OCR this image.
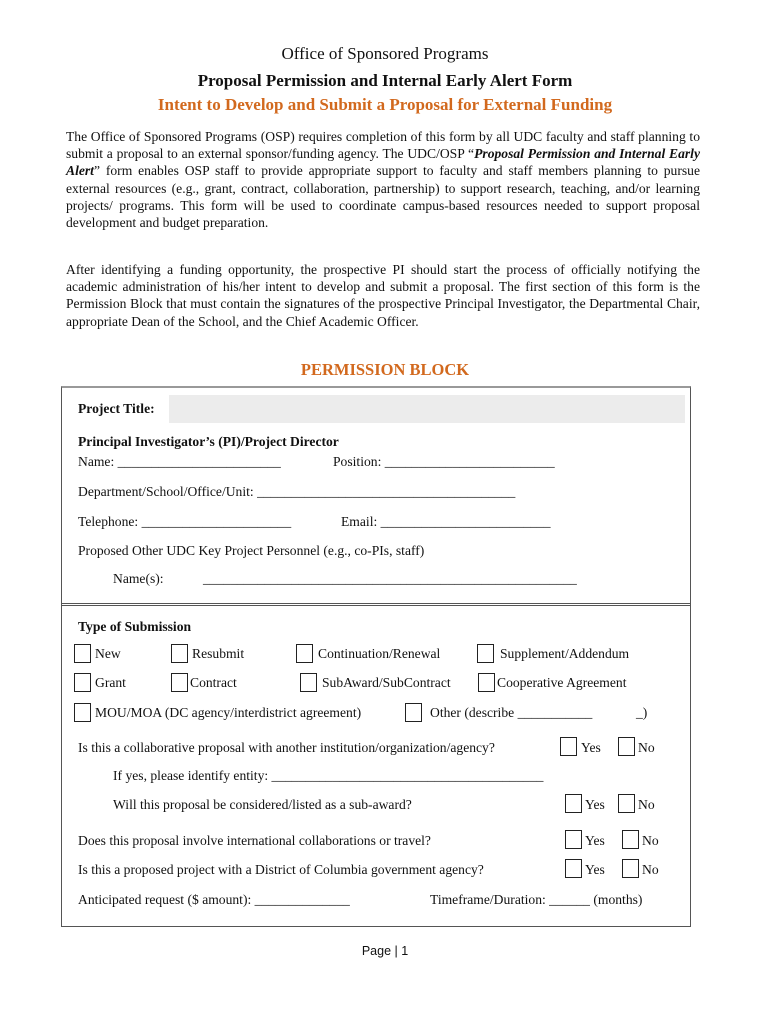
Office of Sponsored Programs
Proposal Permission and Internal Early Alert Form
Intent to Develop and Submit a Proposal for External Funding
The Office of Sponsored Programs (OSP) requires completion of this form by all UDC faculty and staff planning to submit a proposal to an external sponsor/funding agency. The UDC/OSP “Proposal Permission and Internal Early Alert” form enables OSP staff to provide appropriate support to faculty and staff members planning to pursue external resources (e.g., grant, contract, collaboration, partnership) to support research, teaching, and/or learning projects/ programs. This form will be used to coordinate campus-based resources needed to support proposal development and budget preparation.
After identifying a funding opportunity, the prospective PI should start the process of officially notifying the academic administration of his/her intent to develop and submit a proposal. The first section of this form is the Permission Block that must contain the signatures of the prospective Principal Investigator, the Departmental Chair, appropriate Dean of the School, and the Chief Academic Officer.
PERMISSION BLOCK
Project Title:
Principal Investigator’s (PI)/Project Director
Name: ________________________	Position: _________________________
Department/School/Office/Unit: ______________________________________
Telephone: ______________________	Email: _________________________
Proposed Other UDC Key Project Personnel (e.g., co-PIs, staff)
Name(s):	_______________________________________________________
Type of Submission
New	Resubmit	Continuation/Renewal	Supplement/Addendum
Grant	Contract	SubAward/SubContract	Cooperative Agreement
MOU/MOA (DC agency/interdistrict agreement)	Other (describe ___________	_)
Is this a collaborative proposal with another institution/organization/agency?	Yes	No
If yes, please identify entity: ________________________________________
Will this proposal be considered/listed as a sub-award?	Yes No
Does this proposal involve international collaborations or travel?	Yes	No
Is this a proposed project with a District of Columbia government agency?	Yes	No
Anticipated request ($ amount): ______________	Timeframe/Duration: ______ (months)
Page | 1
